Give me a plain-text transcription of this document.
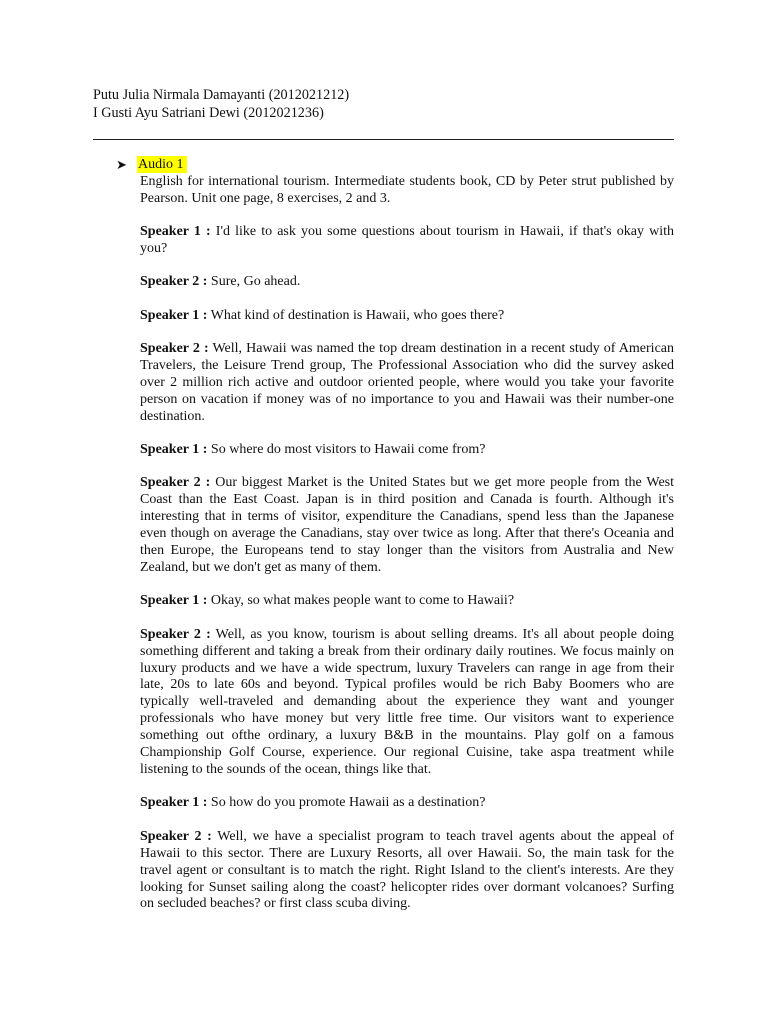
Putu Julia Nirmala Damayanti (2012021212)
I Gusti Ayu Satriani Dewi (2012021236)
➤ Audio 1

English for international tourism. Intermediate students book, CD by Peter strut published by Pearson. Unit one page, 8 exercises, 2 and 3.

Speaker 1 : I'd like to ask you some questions about tourism in Hawaii, if that's okay with you?

Speaker 2 : Sure, Go ahead.

Speaker 1 : What kind of destination is Hawaii, who goes there?

Speaker 2 : Well, Hawaii was named the top dream destination in a recent study of American Travelers, the Leisure Trend group, The Professional Association who did the survey asked over 2 million rich active and outdoor oriented people, where would you take your favorite person on vacation if money was of no importance to you and Hawaii was their number-one destination.

Speaker 1 : So where do most visitors to Hawaii come from?

Speaker 2 : Our biggest Market is the United States but we get more people from the West Coast than the East Coast. Japan is in third position and Canada is fourth. Although it's interesting that in terms of visitor, expenditure the Canadians, spend less than the Japanese even though on average the Canadians, stay over twice as long. After that there's Oceania and then Europe, the Europeans tend to stay longer than the visitors from Australia and New Zealand, but we don't get as many of them.

Speaker 1 : Okay, so what makes people want to come to Hawaii?

Speaker 2 : Well, as you know, tourism is about selling dreams. It's all about people doing something different and taking a break from their ordinary daily routines. We focus mainly on luxury products and we have a wide spectrum, luxury Travelers can range in age from their late, 20s to late 60s and beyond. Typical profiles would be rich Baby Boomers who are typically well-traveled and demanding about the experience they want and younger professionals who have money but very little free time. Our visitors want to experience something out ofthe ordinary, a luxury B&B in the mountains. Play golf on a famous Championship Golf Course, experience. Our regional Cuisine, take aspa treatment while listening to the sounds of the ocean, things like that.

Speaker 1 : So how do you promote Hawaii as a destination?

Speaker 2 : Well, we have a specialist program to teach travel agents about the appeal of Hawaii to this sector. There are Luxury Resorts, all over Hawaii. So, the main task for the travel agent or consultant is to match the right. Right Island to the client's interests. Are they looking for Sunset sailing along the coast? helicopter rides over dormant volcanoes? Surfing on secluded beaches? or first class scuba diving.
